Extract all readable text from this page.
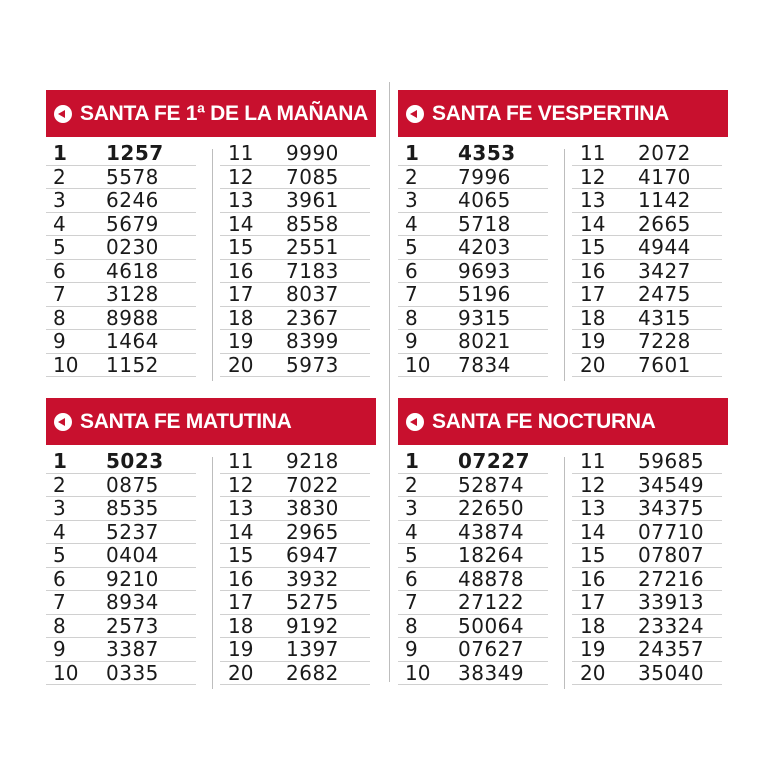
SANTA FE 1ª DE LA MAÑANA
1	1257
2	5578
3	6246
4	5679
5	0230
6	4618
7	3128
8	8988
9	1464
10	1152
11	9990
12	7085
13	3961
14	8558
15	2551
16	7183
17	8037
18	2367
19	8399
20	5973
SANTA FE VESPERTINA
1	4353
2	7996
3	4065
4	5718
5	4203
6	9693
7	5196
8	9315
9	8021
10	7834
11	2072
12	4170
13	1142
14	2665
15	4944
16	3427
17	2475
18	4315
19	7228
20	7601
SANTA FE MATUTINA
1	5023
2	0875
3	8535
4	5237
5	0404
6	9210
7	8934
8	2573
9	3387
10	0335
11	9218
12	7022
13	3830
14	2965
15	6947
16	3932
17	5275
18	9192
19	1397
20	2682
SANTA FE NOCTURNA
1	07227
2	52874
3	22650
4	43874
5	18264
6	48878
7	27122
8	50064
9	07627
10	38349
11	59685
12	34549
13	34375
14	07710
15	07807
16	27216
17	33913
18	23324
19	24357
20	35040
